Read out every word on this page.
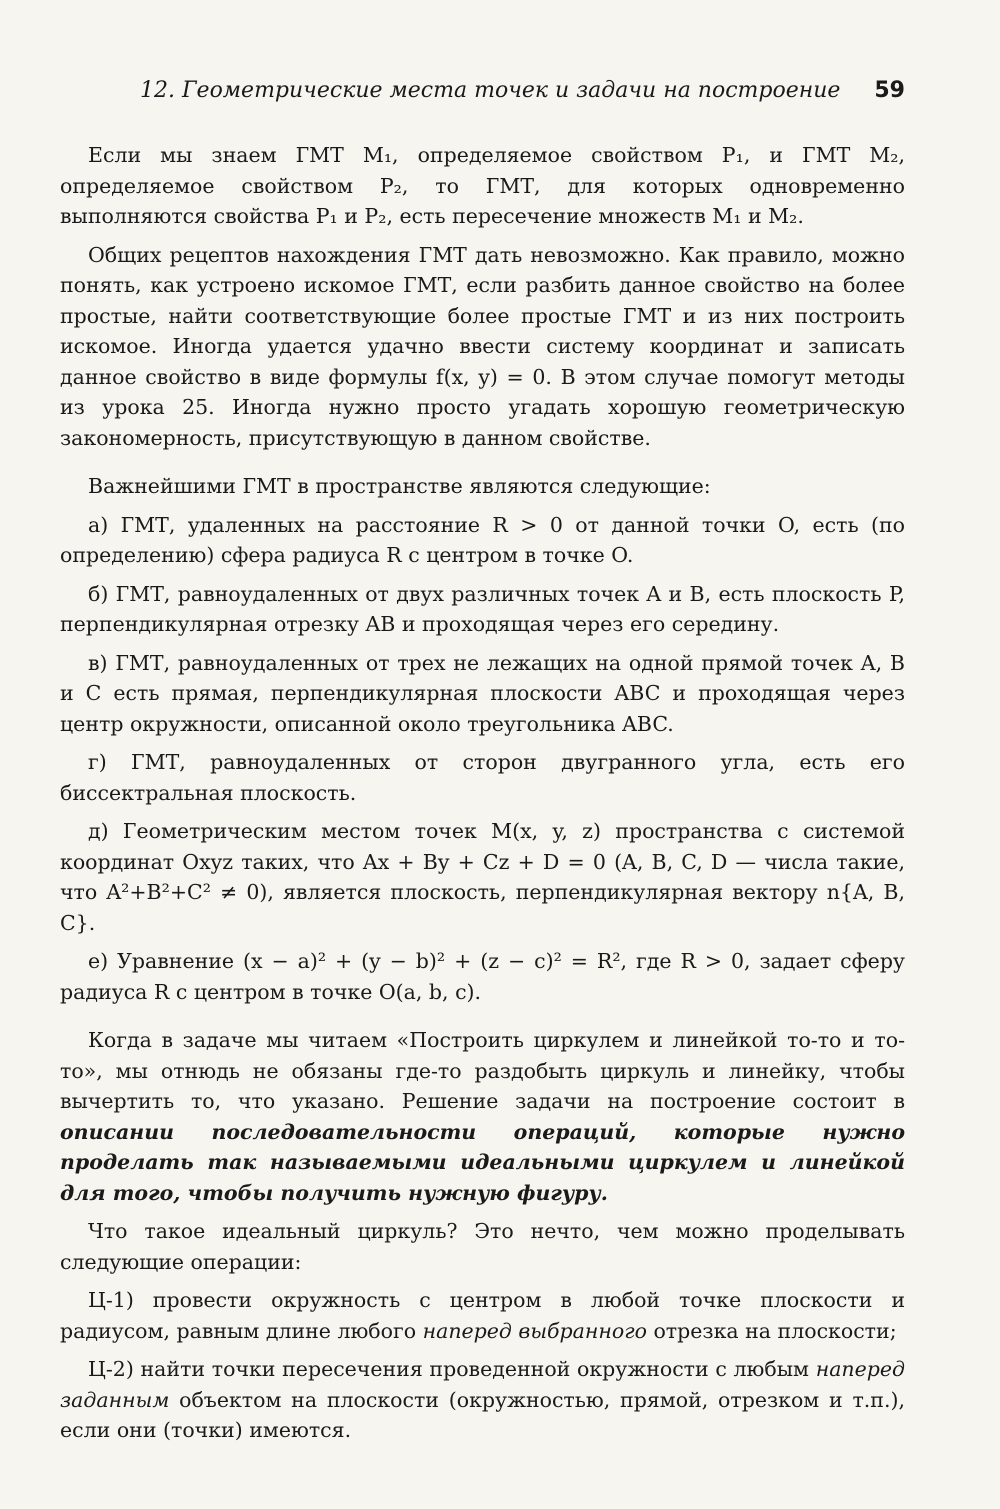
12. Геометрические места точек и задачи на построение 59

Если мы знаем ГМТ M₁, определяемое свойством P₁, и ГМТ M₂, определяемое свойством P₂, то ГМТ, для которых одновременно выполняются свойства P₁ и P₂, есть пересечение множеств M₁ и M₂.

Общих рецептов нахождения ГМТ дать невозможно. Как правило, можно понять, как устроено искомое ГМТ, если разбить данное свойство на более простые, найти соответствующие более простые ГМТ и из них построить искомое. Иногда удается удачно ввести систему координат и записать данное свойство в виде формулы f(x, y) = 0. В этом случае помогут методы из урока 25. Иногда нужно просто угадать хорошую геометрическую закономерность, присутствующую в данном свойстве.

Важнейшими ГМТ в пространстве являются следующие:

а) ГМТ, удаленных на расстояние R > 0 от данной точки O, есть (по определению) сфера радиуса R с центром в точке O.

б) ГМТ, равноудаленных от двух различных точек A и B, есть плоскость P, перпендикулярная отрезку AB и проходящая через его середину.

в) ГМТ, равноудаленных от трех не лежащих на одной прямой точек A, B и C есть прямая, перпендикулярная плоскости ABC и проходящая через центр окружности, описанной около треугольника ABC.

г) ГМТ, равноудаленных от сторон двугранного угла, есть его биссектральная плоскость.

д) Геометрическим местом точек M(x, y, z) пространства с системой координат Oxyz таких, что Ax + By + Cz + D = 0 (A, B, C, D — числа такие, что A²+B²+C² ≠ 0), является плоскость, перпендикулярная вектору n{A, B, C}.

е) Уравнение (x − a)² + (y − b)² + (z − c)² = R², где R > 0, задает сферу радиуса R с центром в точке O(a, b, c).

Когда в задаче мы читаем «Построить циркулем и линейкой то-то и то-то», мы отнюдь не обязаны где-то раздобыть циркуль и линейку, чтобы вычертить то, что указано. Решение задачи на построение состоит в описании последовательности операций, которые нужно проделать так называемыми идеальными циркулем и линейкой для того, чтобы получить нужную фигуру.

Что такое идеальный циркуль? Это нечто, чем можно проделывать следующие операции:

Ц-1) провести окружность с центром в любой точке плоскости и радиусом, равным длине любого наперед выбранного отрезка на плоскости;

Ц-2) найти точки пересечения проведенной окружности с любым наперед заданным объектом на плоскости (окружностью, прямой, отрезком и т.п.), если они (точки) имеются.
